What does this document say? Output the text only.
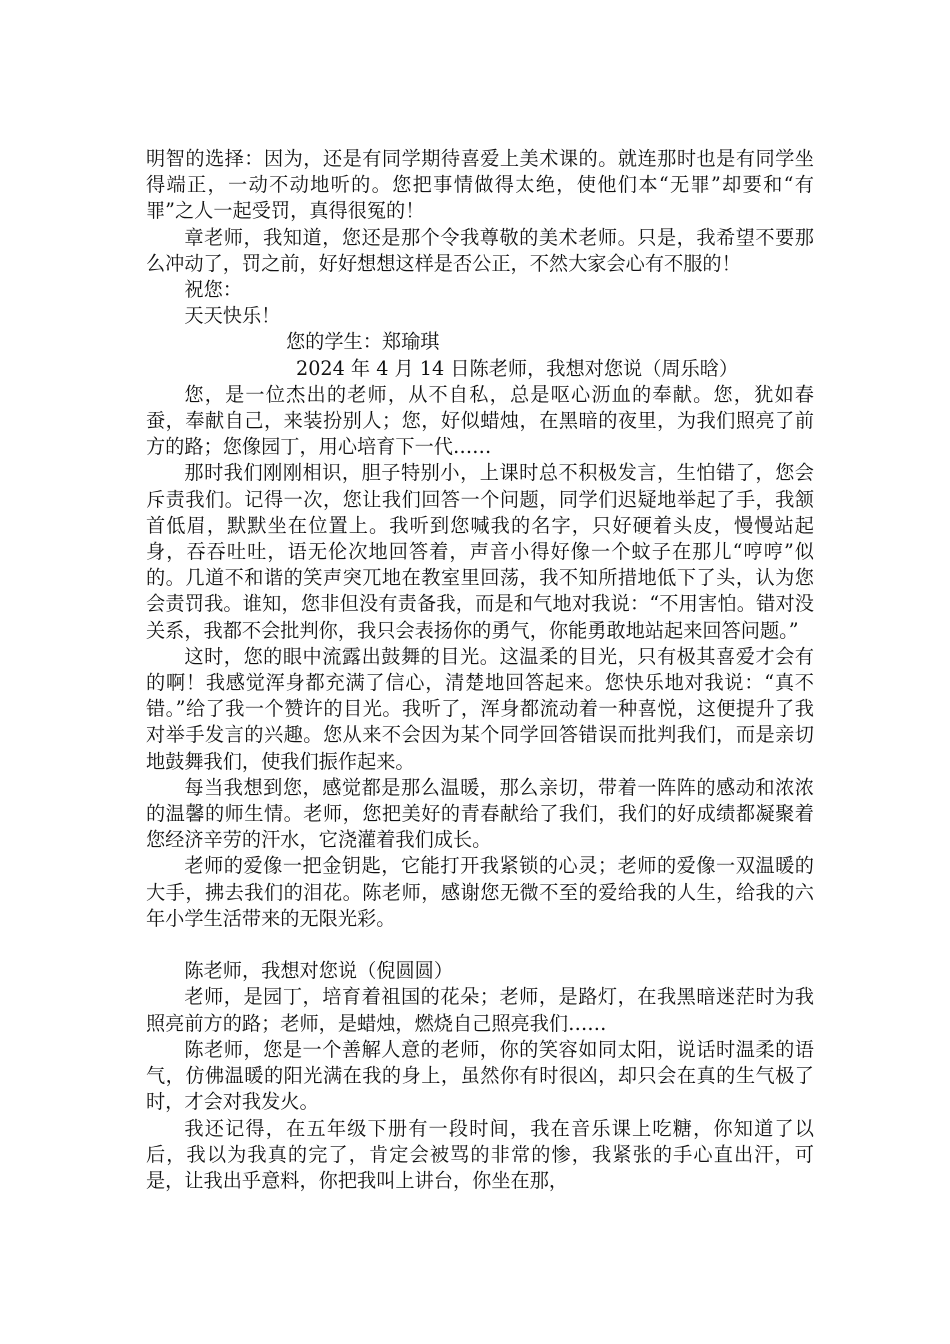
明智的选择：因为，还是有同学期待喜爱上美术课的。就连那时也是有同学坐得端正，一动不动地听的。您把事情做得太绝，使他们本“无罪”却要和“有罪”之人一起受罚，真得很冤的！

章老师，我知道，您还是那个令我尊敬的美术老师。只是，我希望不要那么冲动了，罚之前，好好想想这样是否公正，不然大家会心有不服的！

祝您：

天天快乐！

您的学生：郑瑜琪

2024 年 4 月 14 日陈老师，我想对您说（周乐晗）

您，是一位杰出的老师，从不自私，总是呕心沥血的奉献。您，犹如春蚕，奉献自己，来装扮别人；您，好似蜡烛，在黑暗的夜里，为我们照亮了前方的路；您像园丁，用心培育下一代……

那时我们刚刚相识，胆子特别小，上课时总不积极发言，生怕错了，您会斥责我们。记得一次，您让我们回答一个问题，同学们迟疑地举起了手，我颔首低眉，默默坐在位置上。我听到您喊我的名字，只好硬着头皮，慢慢站起身，吞吞吐吐，语无伦次地回答着，声音小得好像一个蚊子在那儿“哼哼”似的。几道不和谐的笑声突兀地在教室里回荡，我不知所措地低下了头，认为您会责罚我。谁知，您非但没有责备我，而是和气地对我说：“不用害怕。错对没关系，我都不会批判你，我只会表扬你的勇气，你能勇敢地站起来回答问题。”

这时，您的眼中流露出鼓舞的目光。这温柔的目光，只有极其喜爱才会有的啊！我感觉浑身都充满了信心，清楚地回答起来。您快乐地对我说：“真不错。”给了我一个赞许的目光。我听了，浑身都流动着一种喜悦，这便提升了我对举手发言的兴趣。您从来不会因为某个同学回答错误而批判我们，而是亲切地鼓舞我们，使我们振作起来。

每当我想到您，感觉都是那么温暖，那么亲切，带着一阵阵的感动和浓浓的温馨的师生情。老师，您把美好的青春献给了我们，我们的好成绩都凝聚着您经济辛劳的汗水，它浇灌着我们成长。

老师的爱像一把金钥匙，它能打开我紧锁的心灵；老师的爱像一双温暖的大手，拂去我们的泪花。陈老师，感谢您无微不至的爱给我的人生，给我的六年小学生活带来的无限光彩。

陈老师，我想对您说（倪圆圆）

老师，是园丁，培育着祖国的花朵；老师，是路灯，在我黑暗迷茫时为我照亮前方的路；老师，是蜡烛，燃烧自己照亮我们……

陈老师，您是一个善解人意的老师，你的笑容如同太阳，说话时温柔的语气，仿佛温暖的阳光满在我的身上，虽然你有时很凶，却只会在真的生气极了时，才会对我发火。

我还记得，在五年级下册有一段时间，我在音乐课上吃糖，你知道了以后，我以为我真的完了，肯定会被骂的非常的惨，我紧张的手心直出汗，可是，让我出乎意料，你把我叫上讲台，你坐在那，
